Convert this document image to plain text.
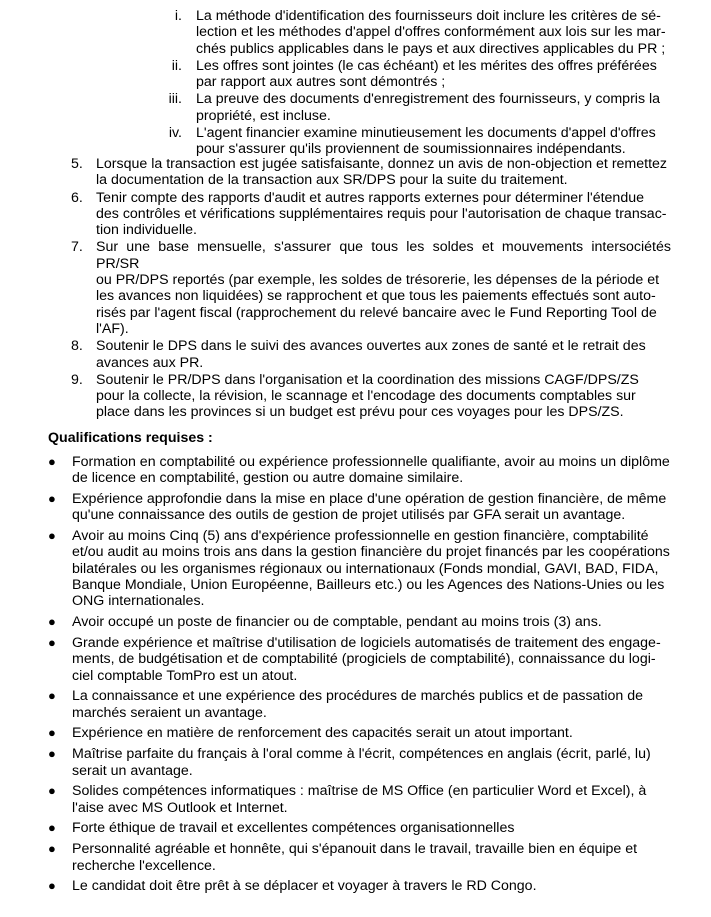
i. La méthode d'identification des fournisseurs doit inclure les critères de sé-
lection et les méthodes d'appel d'offres conformément aux lois sur les mar-
chés publics applicables dans le pays et aux directives applicables du PR ;
ii. Les offres sont jointes (le cas échéant) et les mérites des offres préférées
par rapport aux autres sont démontrés ;
iii. La preuve des documents d'enregistrement des fournisseurs, y compris la
propriété, est incluse.
iv. L'agent financier examine minutieusement les documents d'appel d'offres
pour s'assurer qu'ils proviennent de soumissionnaires indépendants.
5. Lorsque la transaction est jugée satisfaisante, donnez un avis de non-objection et remettez
la documentation de la transaction aux SR/DPS pour la suite du traitement.
6. Tenir compte des rapports d'audit et autres rapports externes pour déterminer l'étendue
des contrôles et vérifications supplémentaires requis pour l'autorisation de chaque transac-
tion individuelle.
7. Sur une base mensuelle, s'assurer que tous les soldes et mouvements intersociétés PR/SR
ou PR/DPS reportés (par exemple, les soldes de trésorerie, les dépenses de la période et
les avances non liquidées) se rapprochent et que tous les paiements effectués sont auto-
risés par l'agent fiscal (rapprochement du relevé bancaire avec le Fund Reporting Tool de
l'AF).
8. Soutenir le DPS dans le suivi des avances ouvertes aux zones de santé et le retrait des
avances aux PR.
9. Soutenir le PR/DPS dans l'organisation et la coordination des missions CAGF/DPS/ZS
pour la collecte, la révision, le scannage et l'encodage des documents comptables sur
place dans les provinces si un budget est prévu pour ces voyages pour les DPS/ZS.
Qualifications requises :
● Formation en comptabilité ou expérience professionnelle qualifiante, avoir au moins un diplôme
de licence en comptabilité, gestion ou autre domaine similaire.
● Expérience approfondie dans la mise en place d'une opération de gestion financière, de même
qu'une connaissance des outils de gestion de projet utilisés par GFA serait un avantage.
● Avoir au moins Cinq (5) ans d'expérience professionnelle en gestion financière, comptabilité
et/ou audit au moins trois ans dans la gestion financière du projet financés par les coopérations
bilatérales ou les organismes régionaux ou internationaux (Fonds mondial, GAVI, BAD, FIDA,
Banque Mondiale, Union Européenne, Bailleurs etc.) ou les Agences des Nations-Unies ou les
ONG internationales.
● Avoir occupé un poste de financier ou de comptable, pendant au moins trois (3) ans.
● Grande expérience et maîtrise d'utilisation de logiciels automatisés de traitement des engage-
ments, de budgétisation et de comptabilité (progiciels de comptabilité), connaissance du logi-
ciel comptable TomPro est un atout.
● La connaissance et une expérience des procédures de marchés publics et de passation de
marchés seraient un avantage.
● Expérience en matière de renforcement des capacités serait un atout important.
● Maîtrise parfaite du français à l'oral comme à l'écrit, compétences en anglais (écrit, parlé, lu)
serait un avantage.
● Solides compétences informatiques : maîtrise de MS Office (en particulier Word et Excel), à
l'aise avec MS Outlook et Internet.
● Forte éthique de travail et excellentes compétences organisationnelles
● Personnalité agréable et honnête, qui s'épanouit dans le travail, travaille bien en équipe et
recherche l'excellence.
● Le candidat doit être prêt à se déplacer et voyager à travers le RD Congo.
